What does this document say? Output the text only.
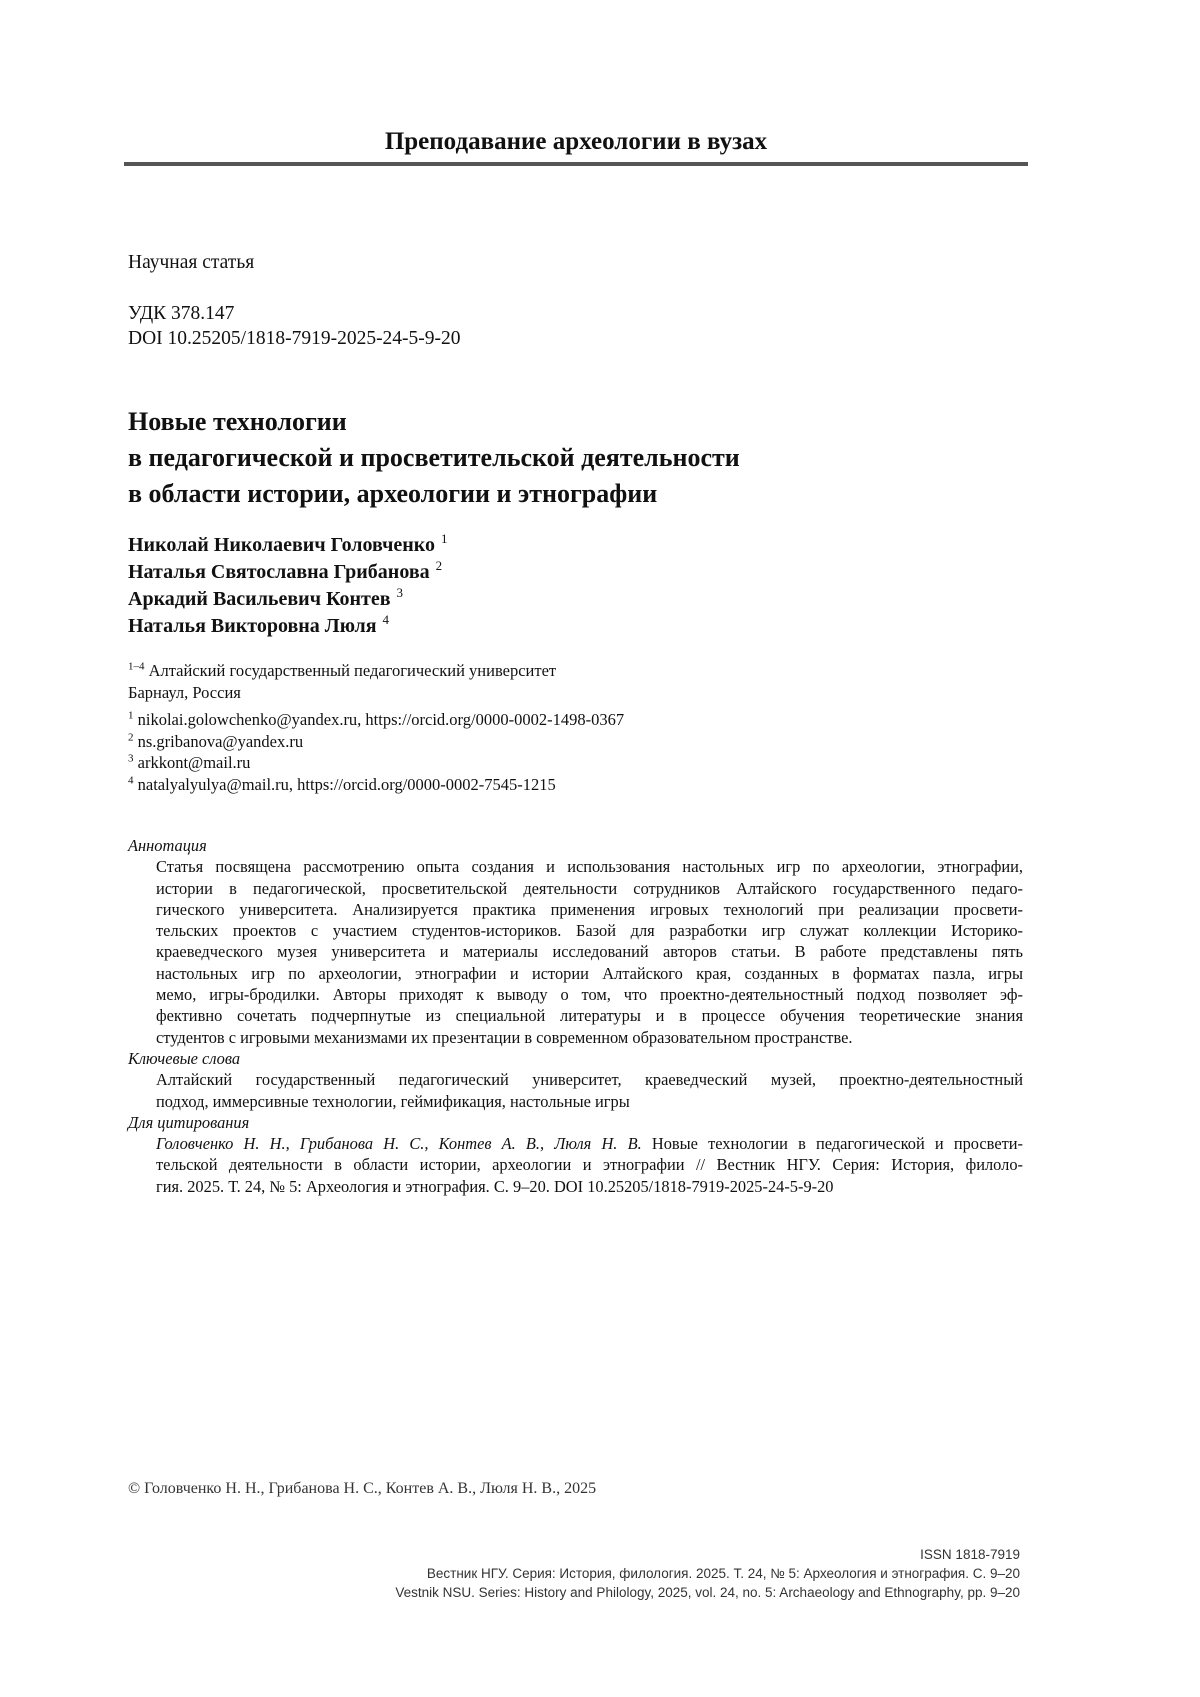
Преподавание археологии в вузах
Научная статья
УДК 378.147
DOI 10.25205/1818-7919-2025-24-5-9-20
Новые технологии
в педагогической и просветительской деятельности
в области истории, археологии и этнографии
Николай Николаевич Головченко 1
Наталья Святославна Грибанова 2
Аркадий Васильевич Контев 3
Наталья Викторовна Люля 4
1–4 Алтайский государственный педагогический университет
Барнаул, Россия
1 nikolai.golowchenko@yandex.ru, https://orcid.org/0000-0002-1498-0367
2 ns.gribanova@yandex.ru
3 arkkont@mail.ru
4 natalyalyulya@mail.ru, https://orcid.org/0000-0002-7545-1215
Аннотация
Статья посвящена рассмотрению опыта создания и использования настольных игр по археологии, этнографии,
истории в педагогической, просветительской деятельности сотрудников Алтайского государственного педаго-
гического университета. Анализируется практика применения игровых технологий при реализации просвети-
тельских проектов с участием студентов-историков. Базой для разработки игр служат коллекции Историко-
краеведческого музея университета и материалы исследований авторов статьи. В работе представлены пять
настольных игр по археологии, этнографии и истории Алтайского края, созданных в форматах пазла, игры
мемо, игры-бродилки. Авторы приходят к выводу о том, что проектно-деятельностный подход позволяет эф-
фективно сочетать подчерпнутые из специальной литературы и в процессе обучения теоретические знания
студентов с игровыми механизмами их презентации в современном образовательном пространстве.
Ключевые слова
Алтайский государственный педагогический университет, краеведческий музей, проектно-деятельностный
подход, иммерсивные технологии, геймификация, настольные игры
Для цитирования
Головченко Н. Н., Грибанова Н. С., Контев А. В., Люля Н. В. Новые технологии в педагогической и просвети-
тельской деятельности в области истории, археологии и этнографии // Вестник НГУ. Серия: История, филоло-
гия. 2025. Т. 24, № 5: Археология и этнография. С. 9–20. DOI 10.25205/1818-7919-2025-24-5-9-20
© Головченко Н. Н., Грибанова Н. С., Контев А. В., Люля Н. В., 2025
ISSN 1818-7919
Вестник НГУ. Серия: История, филология. 2025. Т. 24, № 5: Археология и этнография. С. 9–20
Vestnik NSU. Series: History and Philology, 2025, vol. 24, no. 5: Archaeology and Ethnography, pp. 9–20
